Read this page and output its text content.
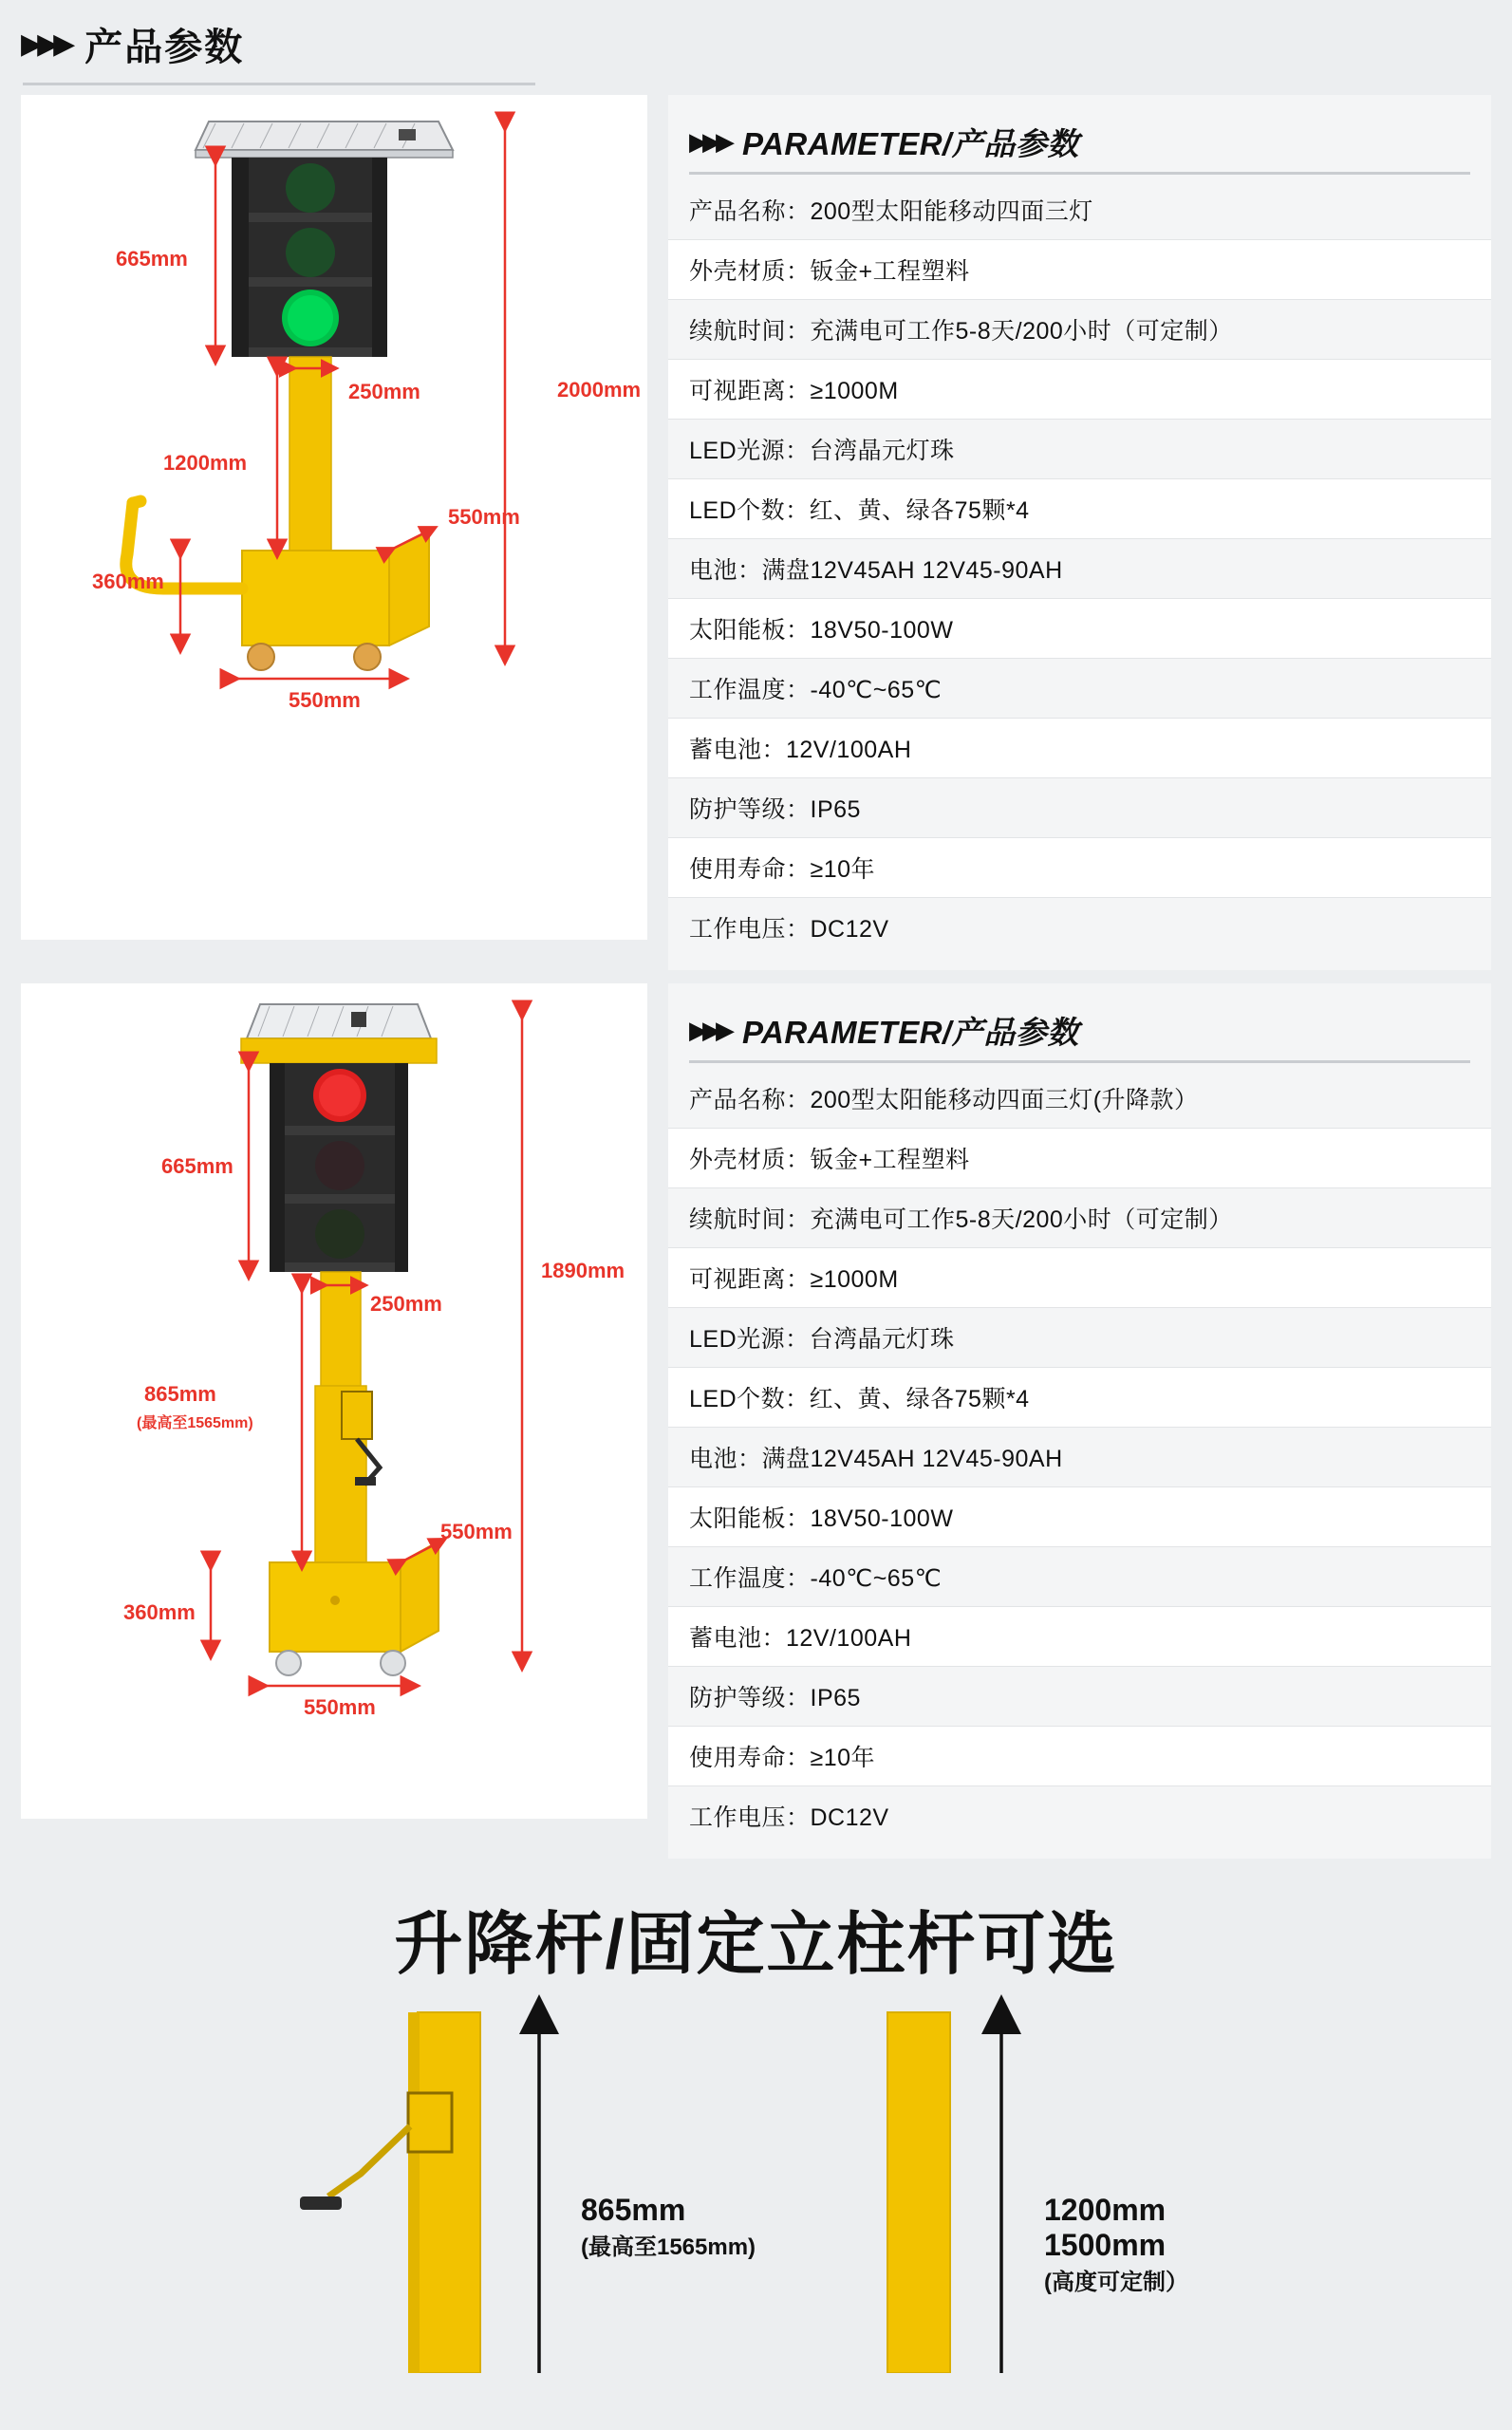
▶▶▶ 产品参数
665mm
250mm	2000mm
1200mm
550mm
360mm
550mm
▶▶▶ PARAMETER/产品参数
产品名称：200型太阳能移动四面三灯
外壳材质：钣金+工程塑料
续航时间：充满电可工作5-8天/200小时（可定制）
可视距离：≥1000M
LED光源：台湾晶元灯珠
LED个数：红、黄、绿各75颗*4
电池：满盘12V45AH 12V45-90AH
太阳能板：18V50-100W
工作温度：-40℃~65℃
蓄电池：12V/100AH
防护等级：IP65
使用寿命：≥10年
工作电压：DC12V
665mm
250mm
1890mm
865mm
(最高至1565mm)
550mm
360mm
550mm
▶▶▶ PARAMETER/产品参数
产品名称：200型太阳能移动四面三灯(升降款）
外壳材质：钣金+工程塑料
续航时间：充满电可工作5-8天/200小时（可定制）
可视距离：≥1000M
LED光源：台湾晶元灯珠
LED个数：红、黄、绿各75颗*4
电池：满盘12V45AH 12V45-90AH
太阳能板：18V50-100W
工作温度：-40℃~65℃
蓄电池：12V/100AH
防护等级：IP65
使用寿命：≥10年
工作电压：DC12V
升降杆/固定立柱杆可选
865mm
(最高至1565mm)
1200mm
1500mm
(高度可定制）
